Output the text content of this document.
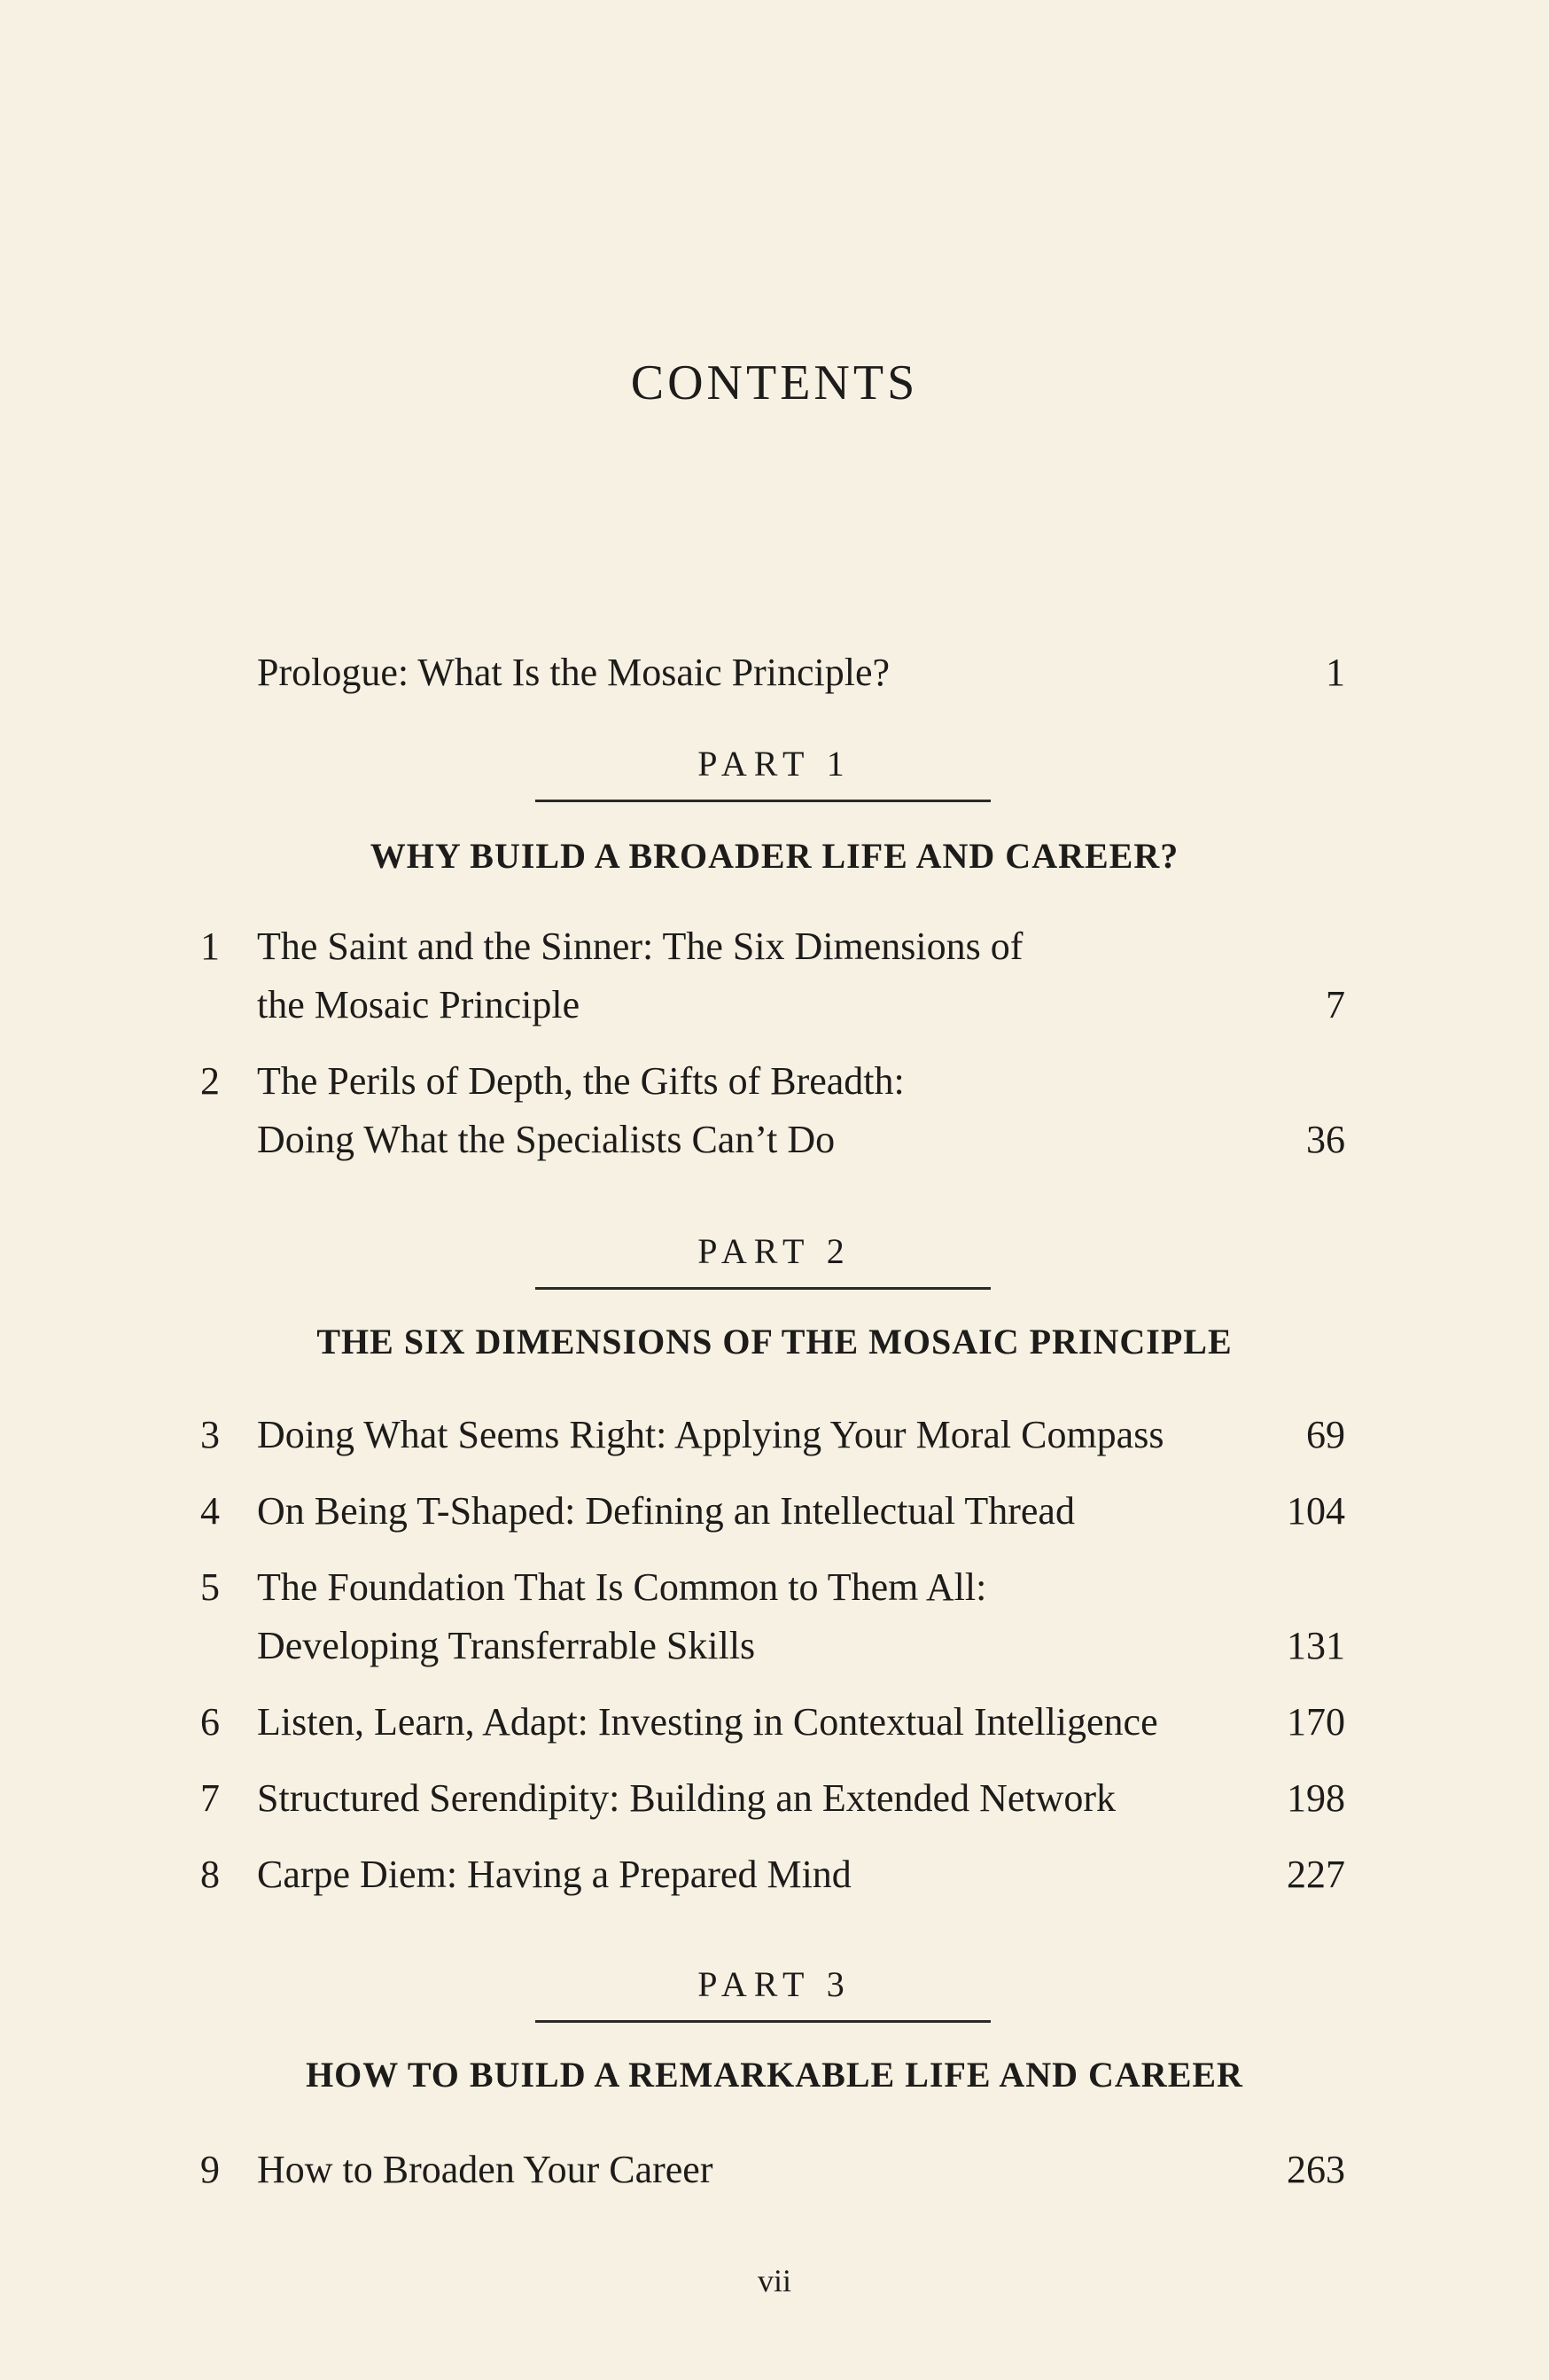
CONTENTS
Prologue: What Is the Mosaic Principle?	1
PART 1
WHY BUILD A BROADER LIFE AND CAREER?
1 The Saint and the Sinner: The Six Dimensions of
the Mosaic Principle	7
2 The Perils of Depth, the Gifts of Breadth:
Doing What the Specialists Can’t Do	36
PART 2
THE SIX DIMENSIONS OF THE MOSAIC PRINCIPLE
3 Doing What Seems Right: Applying Your Moral Compass	69
4 On Being T-Shaped: Defining an Intellectual Thread	104
5 The Foundation That Is Common to Them All:
Developing Transferrable Skills	131
6 Listen, Learn, Adapt: Investing in Contextual Intelligence	170
7 Structured Serendipity: Building an Extended Network	198
8 Carpe Diem: Having a Prepared Mind	227
PART 3
HOW TO BUILD A REMARKABLE LIFE AND CAREER
9 How to Broaden Your Career	263
vii
